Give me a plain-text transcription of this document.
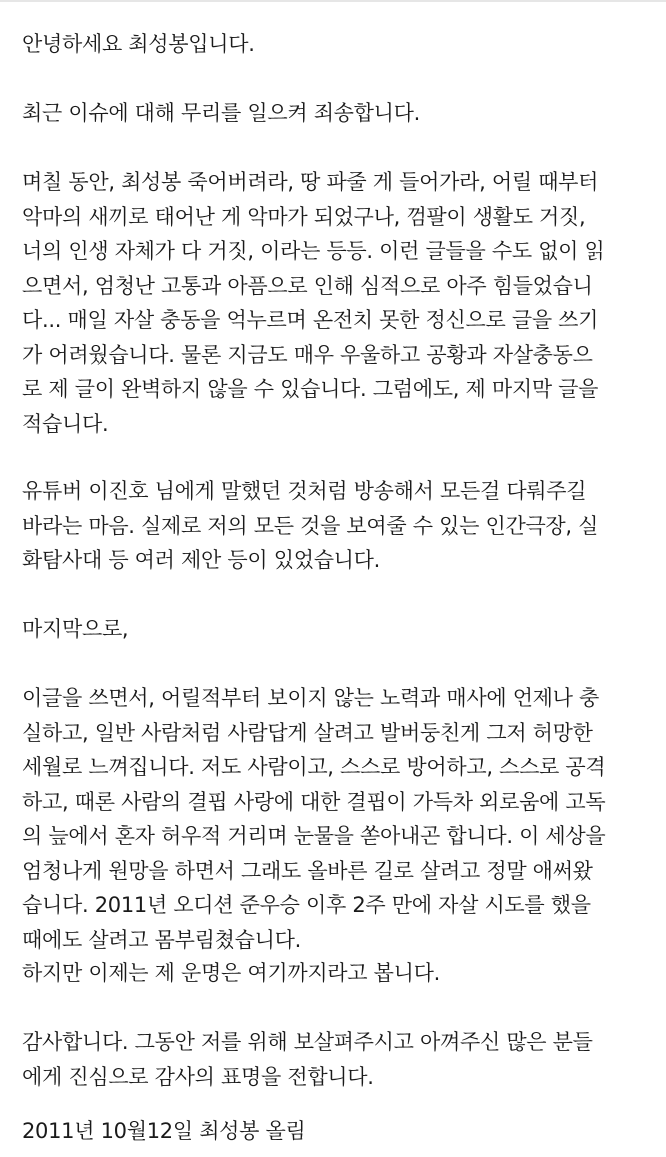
안녕하세요 최성봉입니다.

최근 이슈에 대해 무리를 일으켜 죄송합니다.

며칠 동안, 최성봉 죽어버려라, 땅 파줄 게 들어가라, 어릴 때부터
악마의 새끼로 태어난 게 악마가 되었구나, 껌팔이 생활도 거짓,
너의 인생 자체가 다 거짓, 이라는 등등. 이런 글들을 수도 없이 읽
으면서, 엄청난 고통과 아픔으로 인해 심적으로 아주 힘들었습니
다... 매일 자살 충동을 억누르며 온전치 못한 정신으로 글을 쓰기
가 어려웠습니다. 물론 지금도 매우 우울하고 공황과 자살충동으
로 제 글이 완벽하지 않을 수 있습니다. 그럼에도, 제 마지막 글을
적습니다.

유튜버 이진호 님에게 말했던 것처럼 방송해서 모든걸 다뤄주길
바라는 마음. 실제로 저의 모든 것을 보여줄 수 있는 인간극장, 실
화탐사대 등 여러 제안 등이 있었습니다.

마지막으로,

이글을 쓰면서, 어릴적부터 보이지 않는 노력과 매사에 언제나 충
실하고, 일반 사람처럼 사람답게 살려고 발버둥친게 그저 허망한
세월로 느껴집니다. 저도 사람이고, 스스로 방어하고, 스스로 공격
하고, 때론 사람의 결핍 사랑에 대한 결핍이 가득차 외로움에 고독
의 늪에서 혼자 허우적 거리며 눈물을 쏟아내곤 합니다. 이 세상을
엄청나게 원망을 하면서 그래도 올바른 길로 살려고 정말 애써왔
습니다. 2011년 오디션 준우승 이후 2주 만에 자살 시도를 했을
때에도 살려고 몸부림쳤습니다.

하지만 이제는 제 운명은 여기까지라고 봅니다.

감사합니다. 그동안 저를 위해 보살펴주시고 아껴주신 많은 분들
에게 진심으로 감사의 표명을 전합니다.

2011년 10월12일 최성봉 올림
